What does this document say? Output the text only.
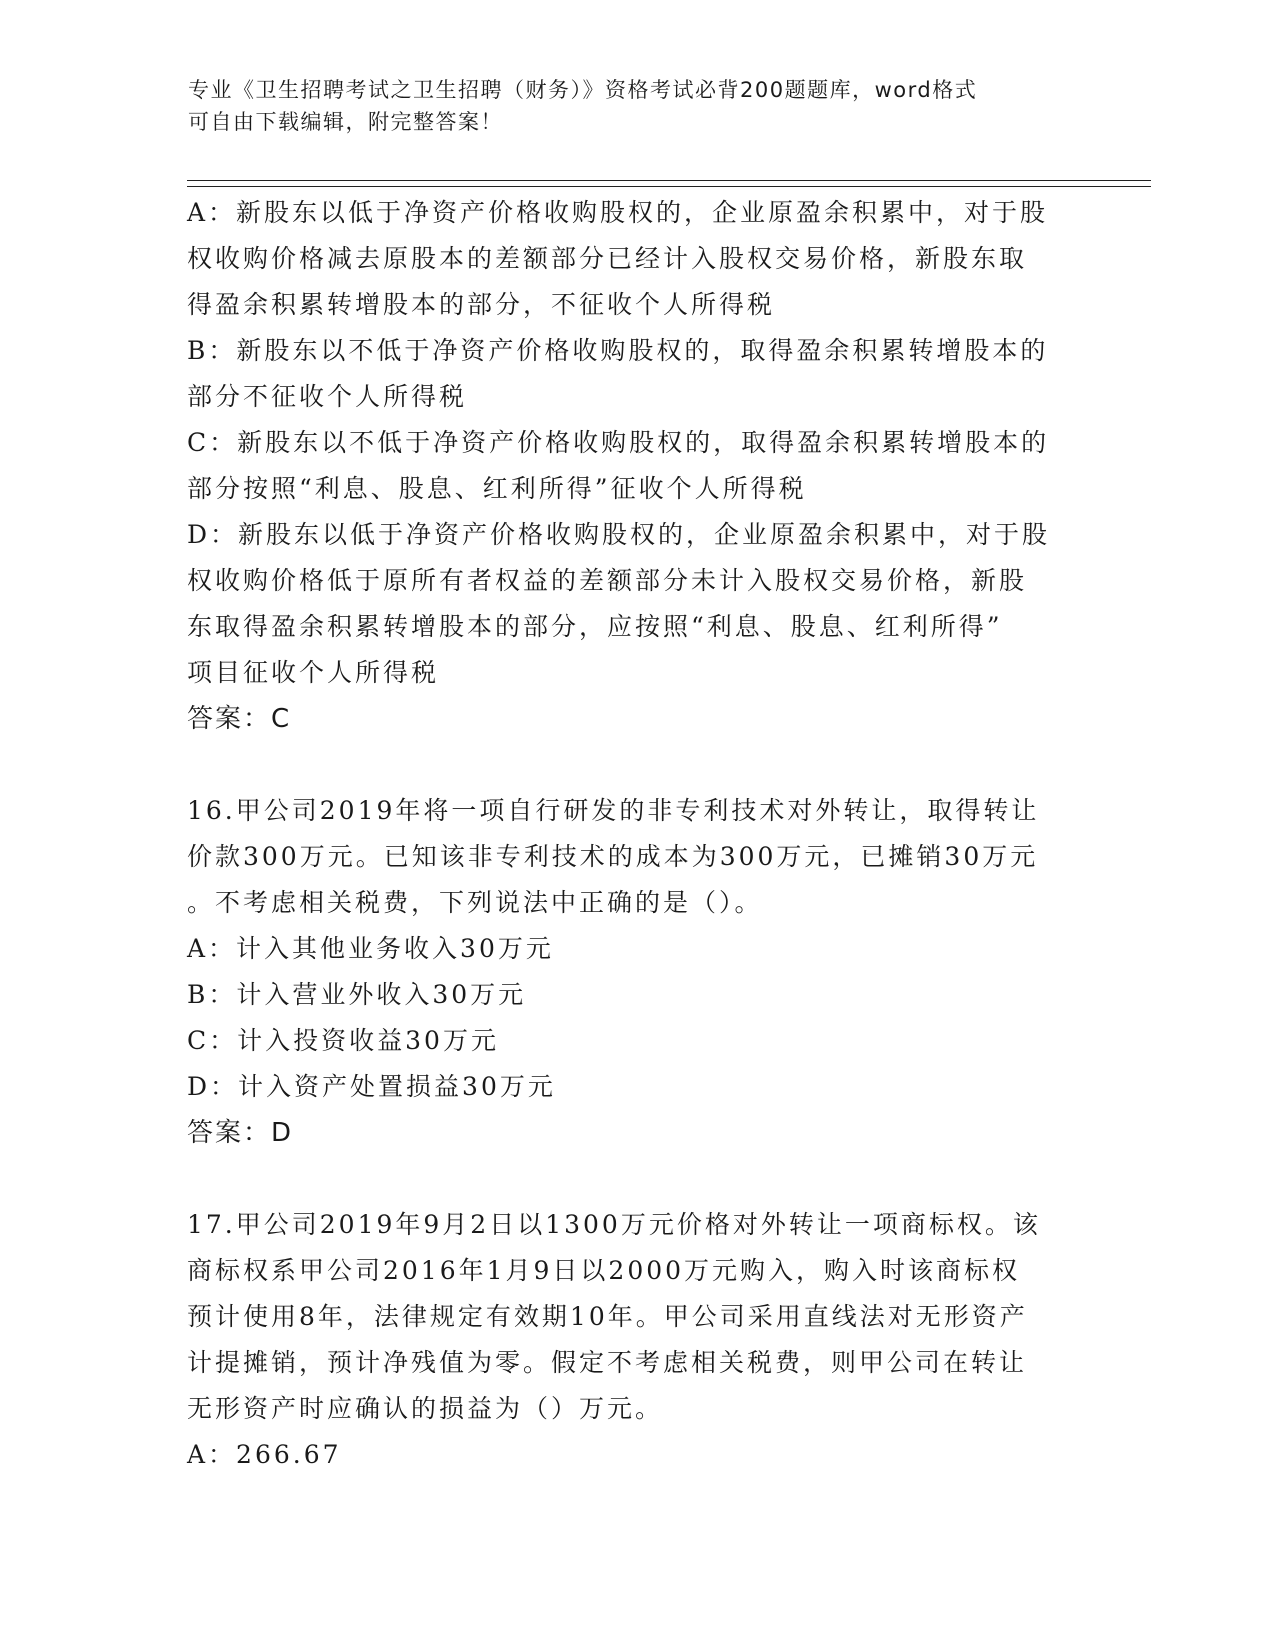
专业《卫生招聘考试之卫生招聘（财务）》资格考试必背200题题库，word格式
可自由下载编辑，附完整答案！
A：新股东以低于净资产价格收购股权的，企业原盈余积累中，对于股
权收购价格减去原股本的差额部分已经计入股权交易价格，新股东取
得盈余积累转增股本的部分，不征收个人所得税
B：新股东以不低于净资产价格收购股权的，取得盈余积累转增股本的
部分不征收个人所得税
C：新股东以不低于净资产价格收购股权的，取得盈余积累转增股本的
部分按照“利息、股息、红利所得”征收个人所得税
D：新股东以低于净资产价格收购股权的，企业原盈余积累中，对于股
权收购价格低于原所有者权益的差额部分未计入股权交易价格，新股
东取得盈余积累转增股本的部分，应按照“利息、股息、红利所得”
项目征收个人所得税
答案：C
16.甲公司2019年将一项自行研发的非专利技术对外转让，取得转让
价款300万元。已知该非专利技术的成本为300万元，已摊销30万元
。不考虑相关税费，下列说法中正确的是（）。
A：计入其他业务收入30万元
B：计入营业外收入30万元
C：计入投资收益30万元
D：计入资产处置损益30万元
答案：D
17.甲公司2019年9月2日以1300万元价格对外转让一项商标权。该
商标权系甲公司2016年1月9日以2000万元购入，购入时该商标权
预计使用8年，法律规定有效期10年。甲公司采用直线法对无形资产
计提摊销，预计净残值为零。假定不考虑相关税费，则甲公司在转让
无形资产时应确认的损益为（）万元。
A：266.67
